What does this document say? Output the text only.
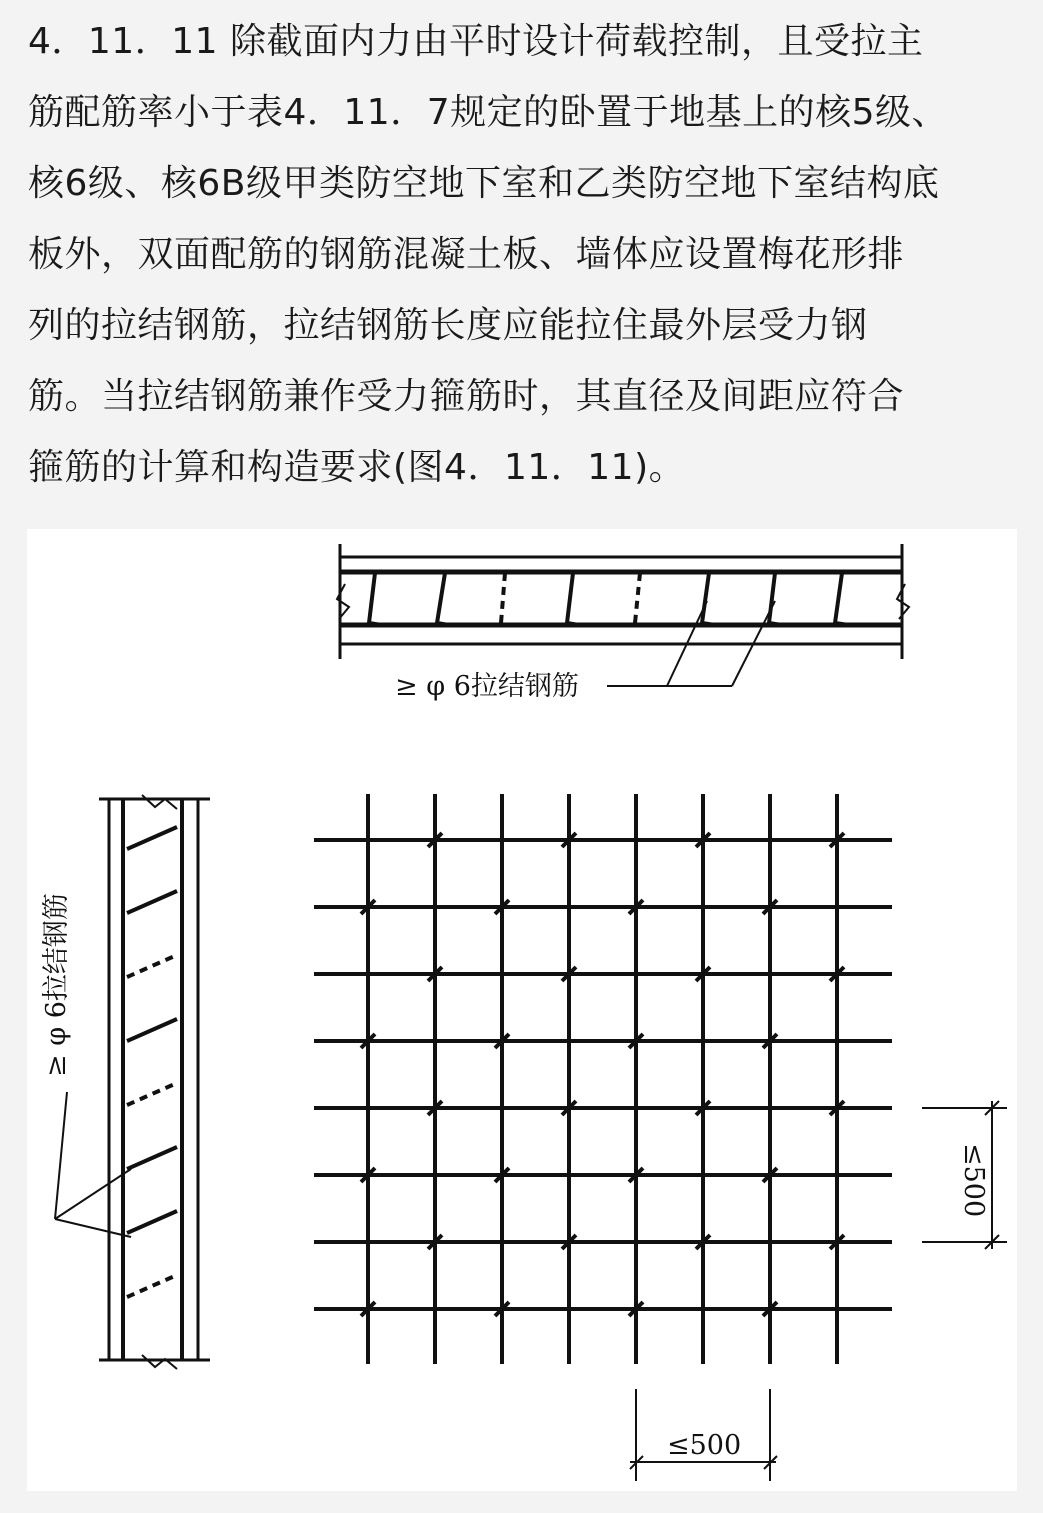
4．11．11 除截面内力由平时设计荷载控制，且受拉主
筋配筋率小于表4．11．7规定的卧置于地基上的核5级、
核6级、核6B级甲类防空地下室和乙类防空地下室结构底
板外，双面配筋的钢筋混凝土板、墙体应设置梅花形排
列的拉结钢筋，拉结钢筋长度应能拉住最外层受力钢
筋。当拉结钢筋兼作受力箍筋时，其直径及间距应符合
箍筋的计算和构造要求(图4．11．11)。
≥ φ 6拉结钢筋
≥ φ 6拉结钢筋
≤500
≤500
